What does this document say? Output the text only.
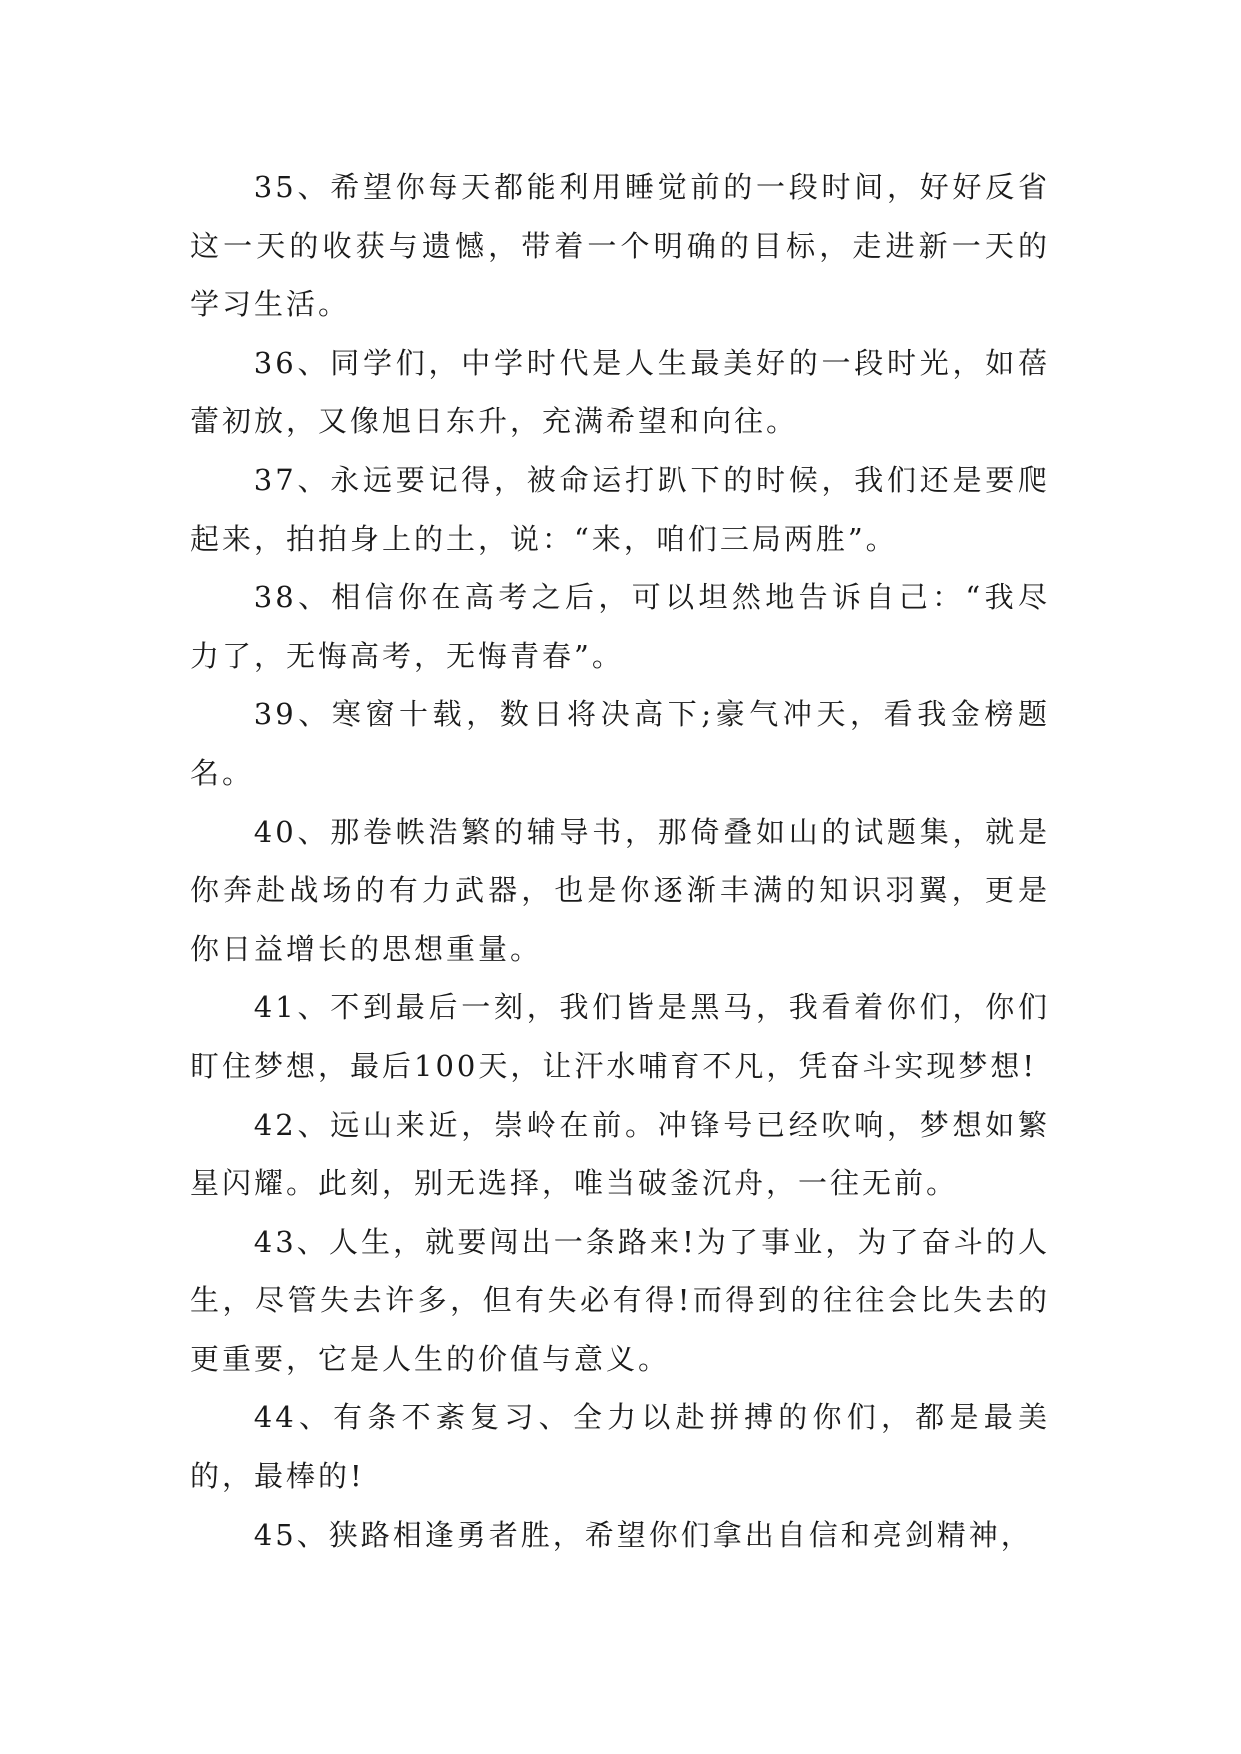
35、希望你每天都能利用睡觉前的一段时间，好好反省这一天的收获与遗憾，带着一个明确的目标，走进新一天的学习生活。

36、同学们，中学时代是人生最美好的一段时光，如蓓蕾初放，又像旭日东升，充满希望和向往。

37、永远要记得，被命运打趴下的时候，我们还是要爬起来，拍拍身上的土，说：“来，咱们三局两胜”。

38、相信你在高考之后，可以坦然地告诉自己：“我尽力了，无悔高考，无悔青春”。

39、寒窗十载，数日将决高下;豪气冲天，看我金榜题名。

40、那卷帙浩繁的辅导书，那倚叠如山的试题集，就是你奔赴战场的有力武器，也是你逐渐丰满的知识羽翼，更是你日益增长的思想重量。

41、不到最后一刻，我们皆是黑马，我看着你们，你们盯住梦想，最后100天，让汗水哺育不凡，凭奋斗实现梦想!

42、远山来近，崇岭在前。冲锋号已经吹响，梦想如繁星闪耀。此刻，别无选择，唯当破釜沉舟，一往无前。

43、人生，就要闯出一条路来!为了事业，为了奋斗的人生，尽管失去许多，但有失必有得!而得到的往往会比失去的更重要，它是人生的价值与意义。

44、有条不紊复习、全力以赴拼搏的你们，都是最美的，最棒的!

45、狭路相逢勇者胜，希望你们拿出自信和亮剑精神，
